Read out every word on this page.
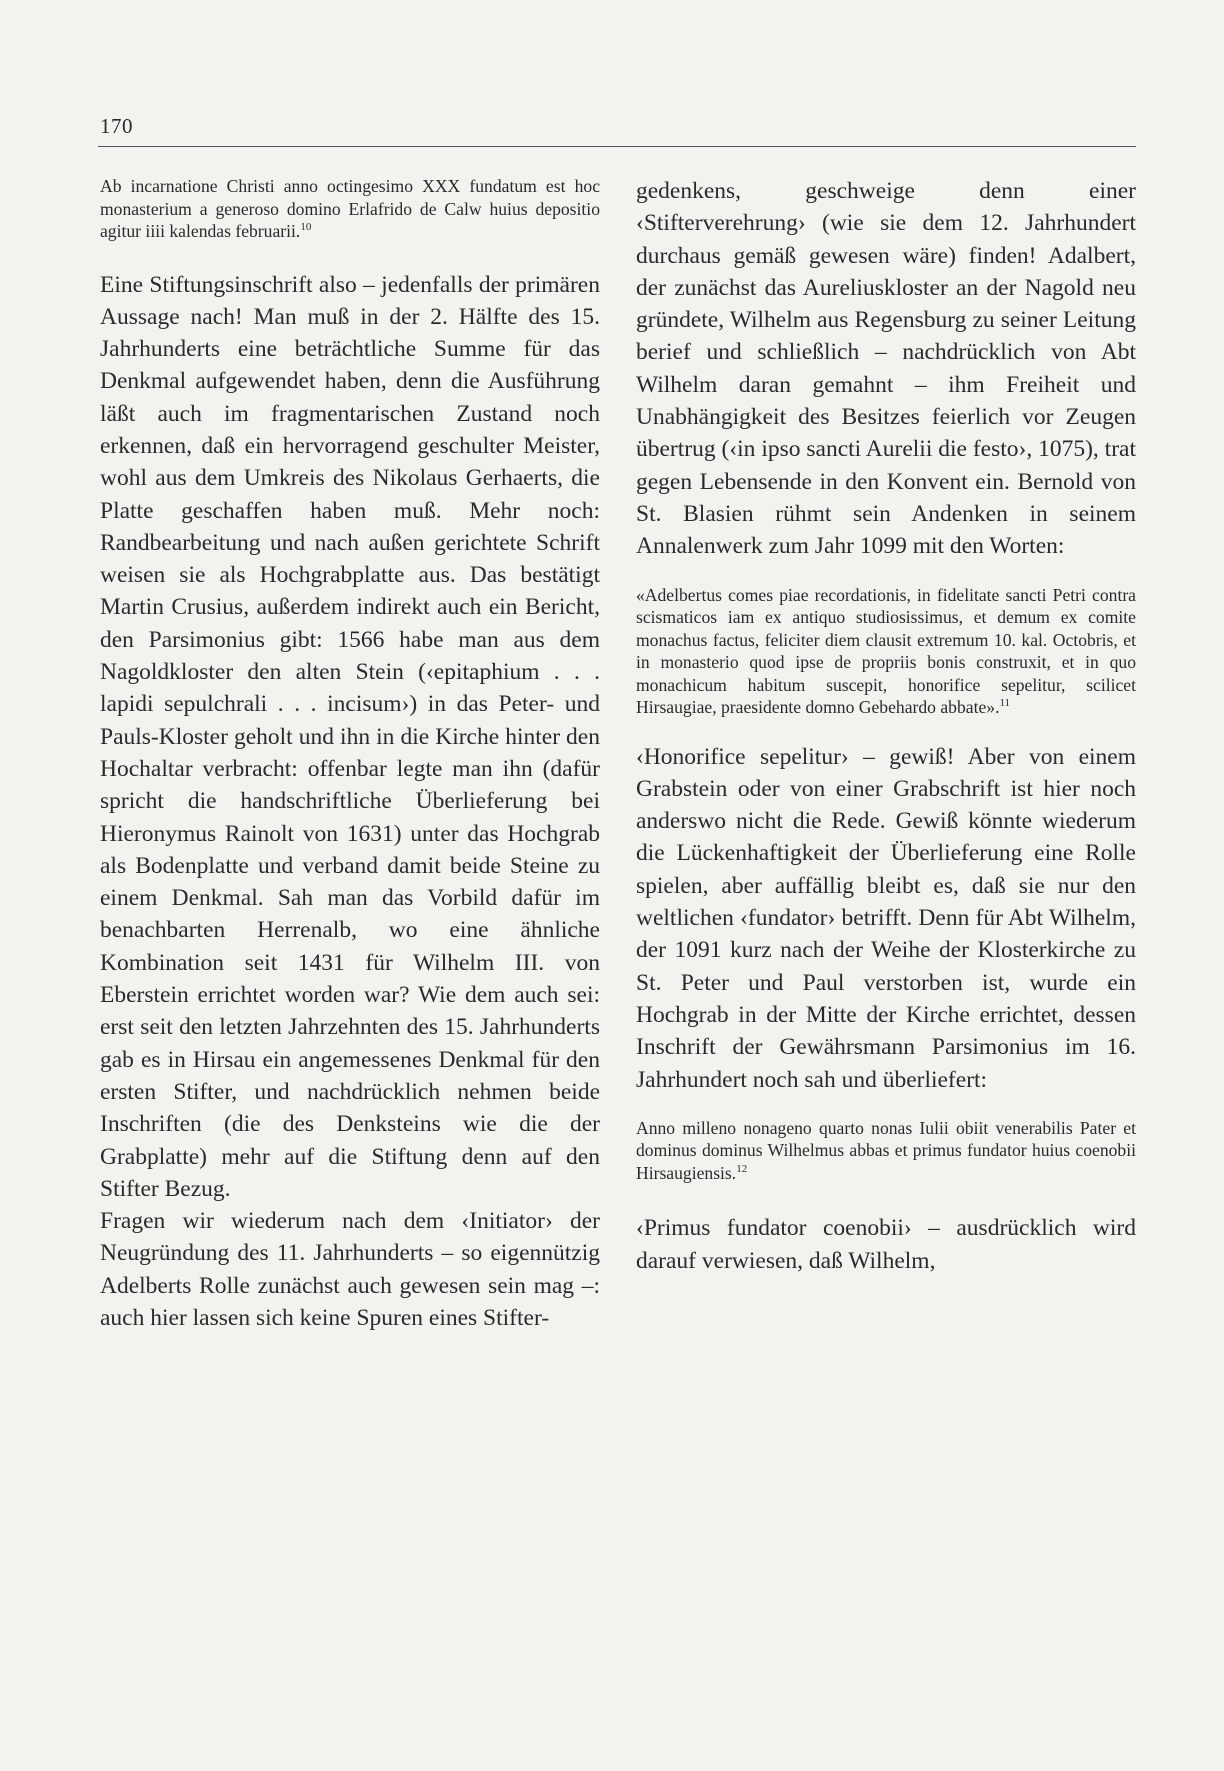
170

Ab incarnatione Christi anno octingesimo XXX fundatum est hoc monasterium a generoso domino Erlafrido de Calw huius depositio agitur iiii kalendas februarii.$^{10}$

Eine Stiftungsinschrift also – jedenfalls der primären Aussage nach! Man muß in der 2. Hälfte des 15. Jahrhunderts eine beträchtliche Summe für das Denkmal aufgewendet haben, denn die Ausführung läßt auch im fragmentarischen Zustand noch erkennen, daß ein hervorragend geschulter Meister, wohl aus dem Umkreis des Nikolaus Gerhaerts, die Platte geschaffen haben muß. Mehr noch: Randbearbeitung und nach außen gerichtete Schrift weisen sie als Hochgrabplatte aus. Das bestätigt Martin Crusius, außerdem indirekt auch ein Bericht, den Parsimonius gibt: 1566 habe man aus dem Nagoldkloster den alten Stein (‹epitaphium . . . lapidi sepulchrali . . . incisum›) in das Peter- und Pauls-Kloster geholt und ihn in die Kirche hinter den Hochaltar verbracht: offenbar legte man ihn (dafür spricht die handschriftliche Überlieferung bei Hieronymus Rainolt von 1631) unter das Hochgrab als Bodenplatte und verband damit beide Steine zu einem Denkmal. Sah man das Vorbild dafür im benachbarten Herrenalb, wo eine ähnliche Kombination seit 1431 für Wilhelm III. von Eberstein errichtet worden war? Wie dem auch sei: erst seit den letzten Jahrzehnten des 15. Jahrhunderts gab es in Hirsau ein angemessenes Denkmal für den ersten Stifter, und nachdrücklich nehmen beide Inschriften (die des Denksteins wie die der Grabplatte) mehr auf die Stiftung denn auf den Stifter Bezug.

Fragen wir wiederum nach dem ‹Initiator› der Neugründung des 11. Jahrhunderts – so eigennützig Adelberts Rolle zunächst auch gewesen sein mag –: auch hier lassen sich keine Spuren eines Stifter-

gedenkens, geschweige denn einer ‹Stifterverehrung› (wie sie dem 12. Jahrhundert durchaus gemäß gewesen wäre) finden! Adalbert, der zunächst das Aureliuskloster an der Nagold neu gründete, Wilhelm aus Regensburg zu seiner Leitung berief und schließlich – nachdrücklich von Abt Wilhelm daran gemahnt – ihm Freiheit und Unabhängigkeit des Besitzes feierlich vor Zeugen übertrug (‹in ipso sancti Aurelii die festo›, 1075), trat gegen Lebensende in den Konvent ein. Bernold von St. Blasien rühmt sein Andenken in seinem Annalenwerk zum Jahr 1099 mit den Worten:

«Adelbertus comes piae recordationis, in fidelitate sancti Petri contra scismaticos iam ex antiquo studiosissimus, et demum ex comite monachus factus, feliciter diem clausit extremum 10. kal. Octobris, et in monasterio quod ipse de propriis bonis construxit, et in quo monachicum habitum suscepit, honorifice sepelitur, scilicet Hirsaugiae, praesidente domno Gebehardo abbate».$^{11}$

‹Honorifice sepelitur› – gewiß! Aber von einem Grabstein oder von einer Grabschrift ist hier noch anderswo nicht die Rede. Gewiß könnte wiederum die Lückenhaftigkeit der Überlieferung eine Rolle spielen, aber auffällig bleibt es, daß sie nur den weltlichen ‹fundator› betrifft. Denn für Abt Wilhelm, der 1091 kurz nach der Weihe der Klosterkirche zu St. Peter und Paul verstorben ist, wurde ein Hochgrab in der Mitte der Kirche errichtet, dessen Inschrift der Gewährsmann Parsimonius im 16. Jahrhundert noch sah und überliefert:

Anno milleno nonageno quarto nonas Iulii obiit venerabilis Pater et dominus dominus Wilhelmus abbas et primus fundator huius coenobii Hirsaugiensis.$^{12}$

‹Primus fundator coenobii› – ausdrücklich wird darauf verwiesen, daß Wilhelm,
